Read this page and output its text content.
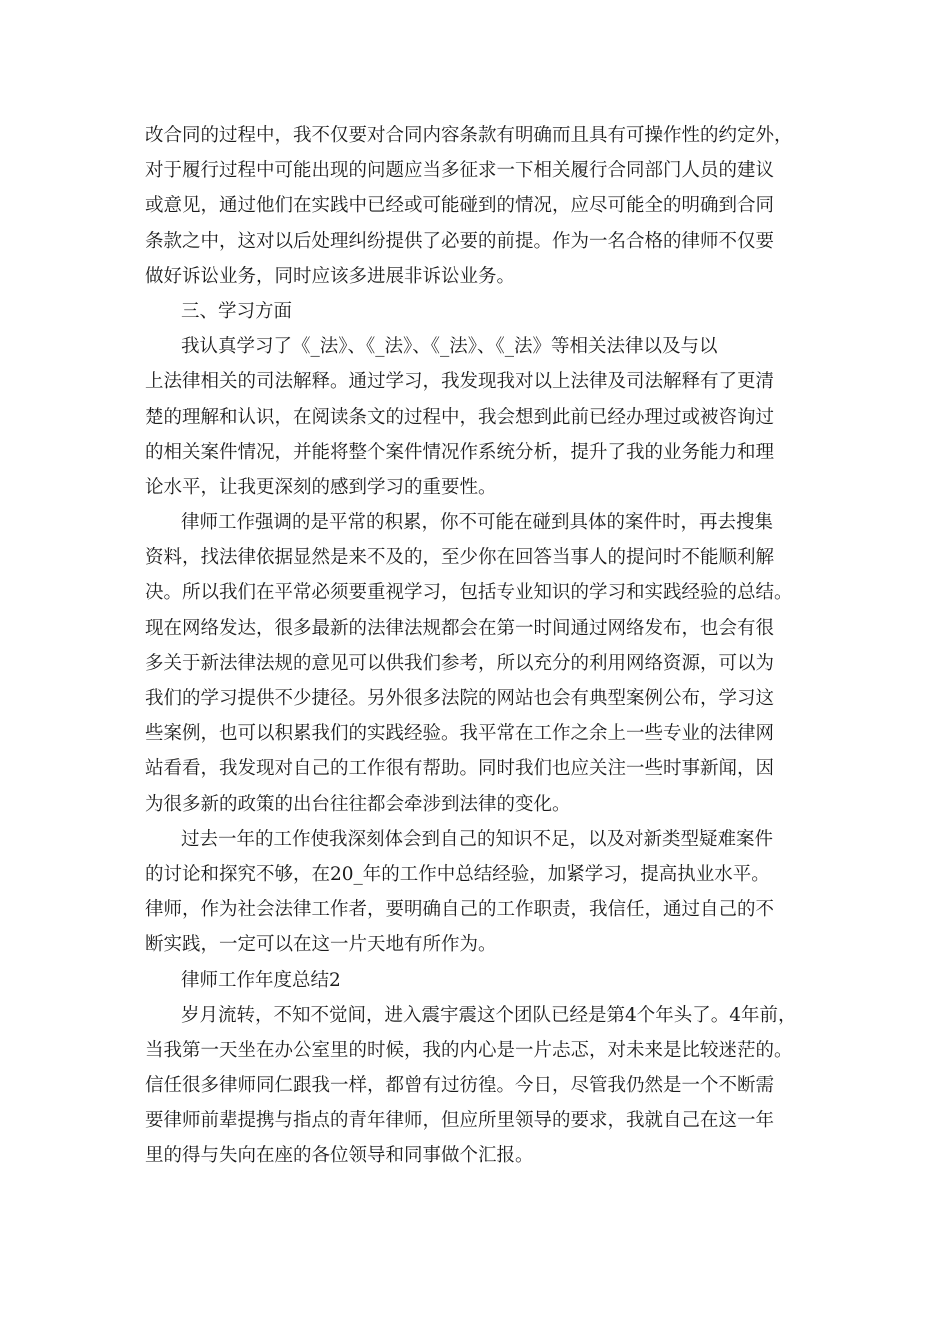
改合同的过程中，我不仅要对合同内容条款有明确而且具有可操作性的约定外，
对于履行过程中可能出现的问题应当多征求一下相关履行合同部门人员的建议
或意见，通过他们在实践中已经或可能碰到的情况，应尽可能全的明确到合同
条款之中，这对以后处理纠纷提供了必要的前提。作为一名合格的律师不仅要
做好诉讼业务，同时应该多进展非诉讼业务。
三、学习方面
我认真学习了《_法》、《_法》、《_法》、《_法》等相关法律以及与以
上法律相关的司法解释。通过学习，我发现我对以上法律及司法解释有了更清
楚的理解和认识，在阅读条文的过程中，我会想到此前已经办理过或被咨询过
的相关案件情况，并能将整个案件情况作系统分析，提升了我的业务能力和理
论水平，让我更深刻的感到学习的重要性。
律师工作强调的是平常的积累，你不可能在碰到具体的案件时，再去搜集
资料，找法律依据显然是来不及的，至少你在回答当事人的提问时不能顺利解
决。所以我们在平常必须要重视学习，包括专业知识的学习和实践经验的总结。
现在网络发达，很多最新的法律法规都会在第一时间通过网络发布，也会有很
多关于新法律法规的意见可以供我们参考，所以充分的利用网络资源，可以为
我们的学习提供不少捷径。另外很多法院的网站也会有典型案例公布，学习这
些案例，也可以积累我们的实践经验。我平常在工作之余上一些专业的法律网
站看看，我发现对自己的工作很有帮助。同时我们也应关注一些时事新闻，因
为很多新的政策的出台往往都会牵涉到法律的变化。
过去一年的工作使我深刻体会到自己的知识不足，以及对新类型疑难案件
的讨论和探究不够，在20_年的工作中总结经验，加紧学习，提高执业水平。
律师，作为社会法律工作者，要明确自己的工作职责，我信任，通过自己的不
断实践，一定可以在这一片天地有所作为。
律师工作年度总结2
岁月流转，不知不觉间，进入震宇震这个团队已经是第4个年头了。4年前，
当我第一天坐在办公室里的时候，我的内心是一片忐忑，对未来是比较迷茫的。
信任很多律师同仁跟我一样，都曾有过彷徨。今日，尽管我仍然是一个不断需
要律师前辈提携与指点的青年律师，但应所里领导的要求，我就自己在这一年
里的得与失向在座的各位领导和同事做个汇报。
